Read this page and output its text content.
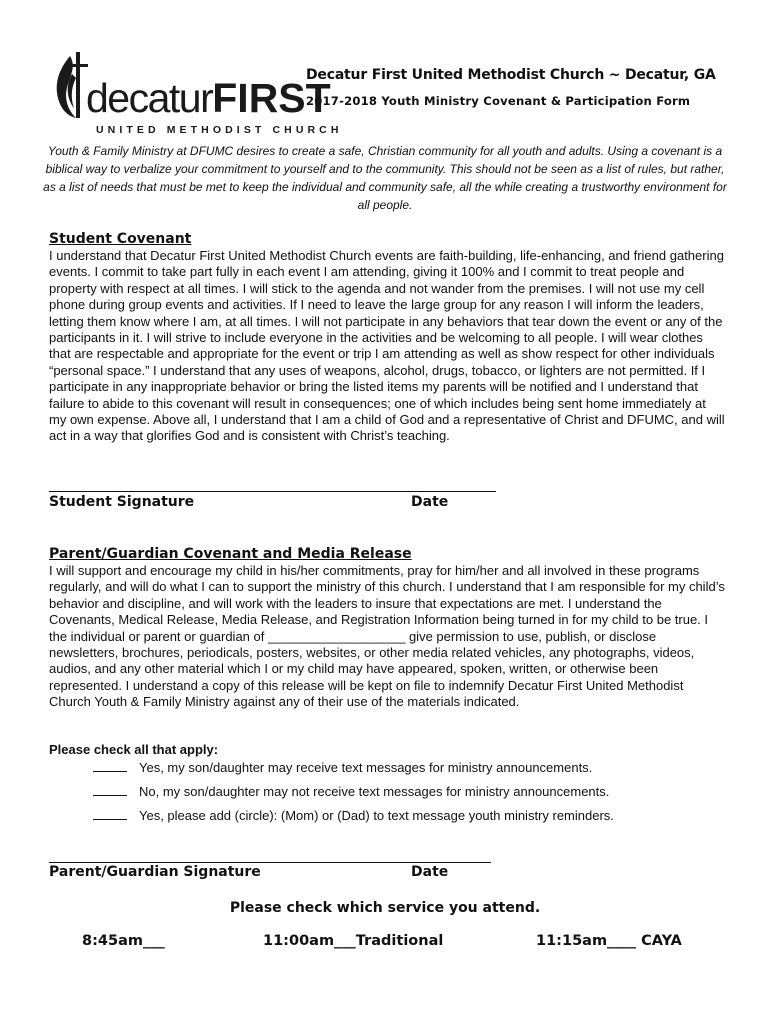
decaturFIRST
UNITED METHODIST CHURCH
Decatur First United Methodist Church ~ Decatur, GA
2017-2018 Youth Ministry Covenant & Participation Form
Youth & Family Ministry at DFUMC desires to create a safe, Christian community for all youth and adults. Using a covenant is a biblical way to verbalize your commitment to yourself and to the community. This should not be seen as a list of rules, but rather, as a list of needs that must be met to keep the individual and community safe, all the while creating a trustworthy environment for all people.
Student Covenant
I understand that Decatur First United Methodist Church events are faith-building, life-enhancing, and friend gathering events. I commit to take part fully in each event I am attending, giving it 100% and I commit to treat people and property with respect at all times. I will stick to the agenda and not wander from the premises. I will not use my cell phone during group events and activities. If I need to leave the large group for any reason I will inform the leaders, letting them know where I am, at all times. I will not participate in any behaviors that tear down the event or any of the participants in it. I will strive to include everyone in the activities and be welcoming to all people. I will wear clothes that are respectable and appropriate for the event or trip I am attending as well as show respect for other individuals “personal space.” I understand that any uses of weapons, alcohol, drugs, tobacco, or lighters are not permitted. If I participate in any inappropriate behavior or bring the listed items my parents will be notified and I understand that failure to abide to this covenant will result in consequences; one of which includes being sent home immediately at my own expense. Above all, I understand that I am a child of God and a representative of Christ and DFUMC, and will act in a way that glorifies God and is consistent with Christ’s teaching.
Student Signature	Date
Parent/Guardian Covenant and Media Release
I will support and encourage my child in his/her commitments, pray for him/her and all involved in these programs regularly, and will do what I can to support the ministry of this church. I understand that I am responsible for my child’s behavior and discipline, and will work with the leaders to insure that expectations are met. I understand the Covenants, Medical Release, Media Release, and Registration Information being turned in for my child to be true. I the individual or parent or guardian of ___________________ give permission to use, publish, or disclose newsletters, brochures, periodicals, posters, websites, or other media related vehicles, any photographs, videos, audios, and any other material which I or my child may have appeared, spoken, written, or otherwise been represented. I understand a copy of this release will be kept on file to indemnify Decatur First United Methodist Church Youth & Family Ministry against any of their use of the materials indicated.
Please check all that apply:
Yes, my son/daughter may receive text messages for ministry announcements.
No, my son/daughter may not receive text messages for ministry announcements.
Yes, please add (circle): (Mom) or (Dad) to text message youth ministry reminders.
Parent/Guardian Signature	Date
Please check which service you attend.
8:45am___	11:00am___Traditional	11:15am____ CAYA
